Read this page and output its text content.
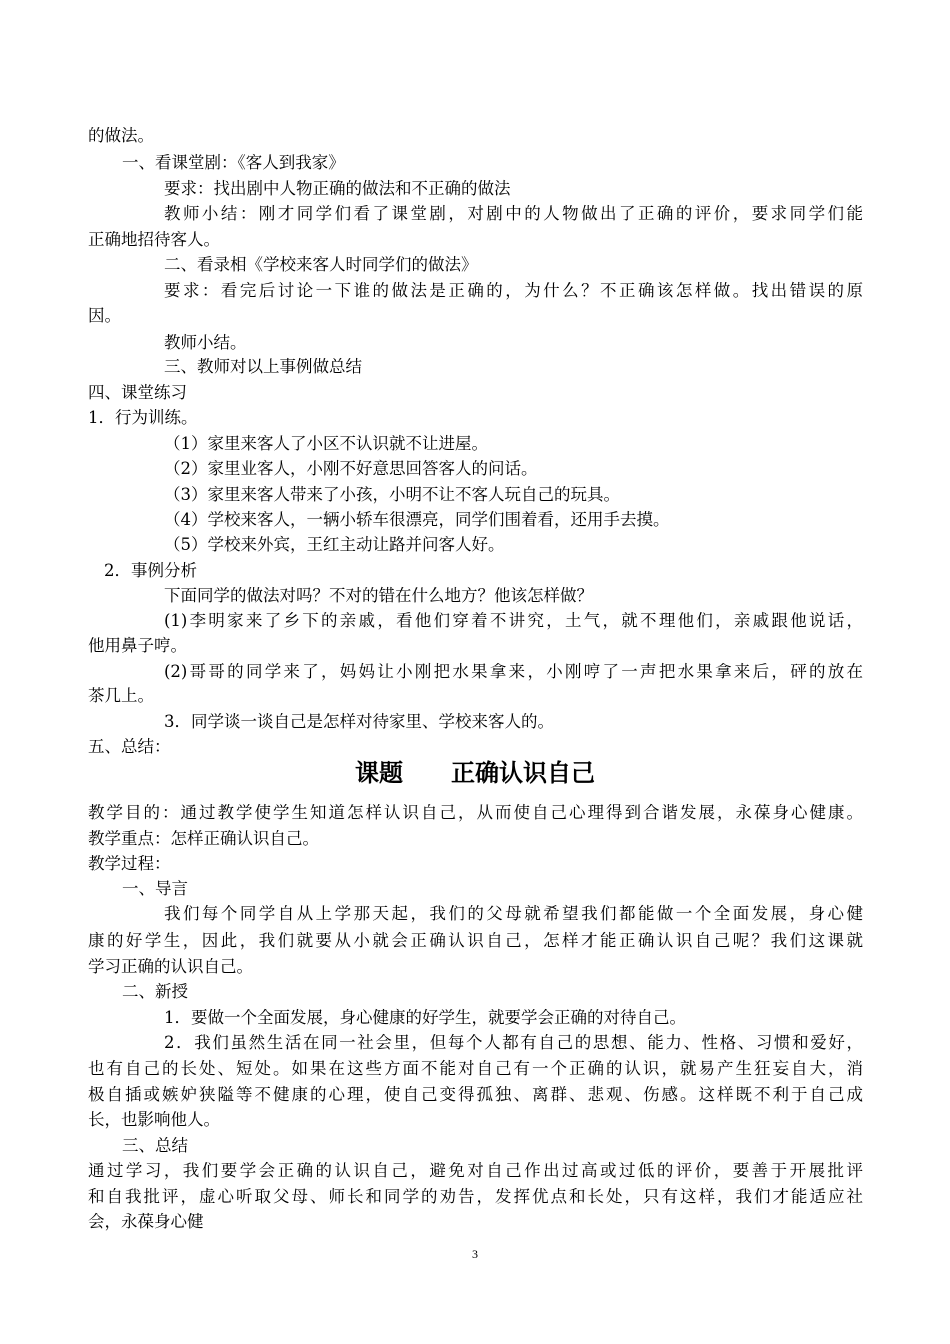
的做法。
一、看课堂剧：《客人到我家》
要求：找出剧中人物正确的做法和不正确的做法
教师小结：刚才同学们看了课堂剧，对剧中的人物做出了正确的评价，要求同学们能
正确地招待客人。
二、看录相《学校来客人时同学们的做法》
要求：看完后讨论一下谁的做法是正确的，为什么？不正确该怎样做。找出错误的原
因。
教师小结。
三、教师对以上事例做总结
四、课堂练习
1．行为训练。
（1）家里来客人了小区不认识就不让进屋。
（2）家里业客人，小刚不好意思回答客人的问话。
（3）家里来客人带来了小孩，小明不让不客人玩自己的玩具。
（4）学校来客人，一辆小轿车很漂亮，同学们围着看，还用手去摸。
（5）学校来外宾，王红主动让路并问客人好。
2．事例分析
下面同学的做法对吗？不对的错在什么地方？他该怎样做？
(1)李明家来了乡下的亲戚，看他们穿着不讲究，土气，就不理他们，亲戚跟他说话，
他用鼻子哼。
(2)哥哥的同学来了，妈妈让小刚把水果拿来，小刚哼了一声把水果拿来后，砰的放在
茶几上。
3．同学谈一谈自己是怎样对待家里、学校来客人的。
五、总结：
课题 正确认识自己
教学目的：通过教学使学生知道怎样认识自己，从而使自己心理得到合谐发展，永葆身心健康。
教学重点：怎样正确认识自己。
教学过程：
一、导言
我们每个同学自从上学那天起，我们的父母就希望我们都能做一个全面发展，身心健
康的好学生，因此，我们就要从小就会正确认识自己，怎样才能正确认识自己呢？我们这课就
学习正确的认识自己。
二、新授
1．要做一个全面发展，身心健康的好学生，就要学会正确的对待自己。
2．我们虽然生活在同一社会里，但每个人都有自己的思想、能力、性格、习惯和爱好，
也有自己的长处、短处。如果在这些方面不能对自己有一个正确的认识，就易产生狂妄自大，消
极自插或嫉妒狭隘等不健康的心理，使自己变得孤独、离群、悲观、伤感。这样既不利于自己成
长，也影响他人。
三、总结
通过学习，我们要学会正确的认识自己，避免对自己作出过高或过低的评价，要善于开展批评
和自我批评，虚心听取父母、师长和同学的劝告，发挥优点和长处，只有这样，我们才能适应社
会，永葆身心健
3
